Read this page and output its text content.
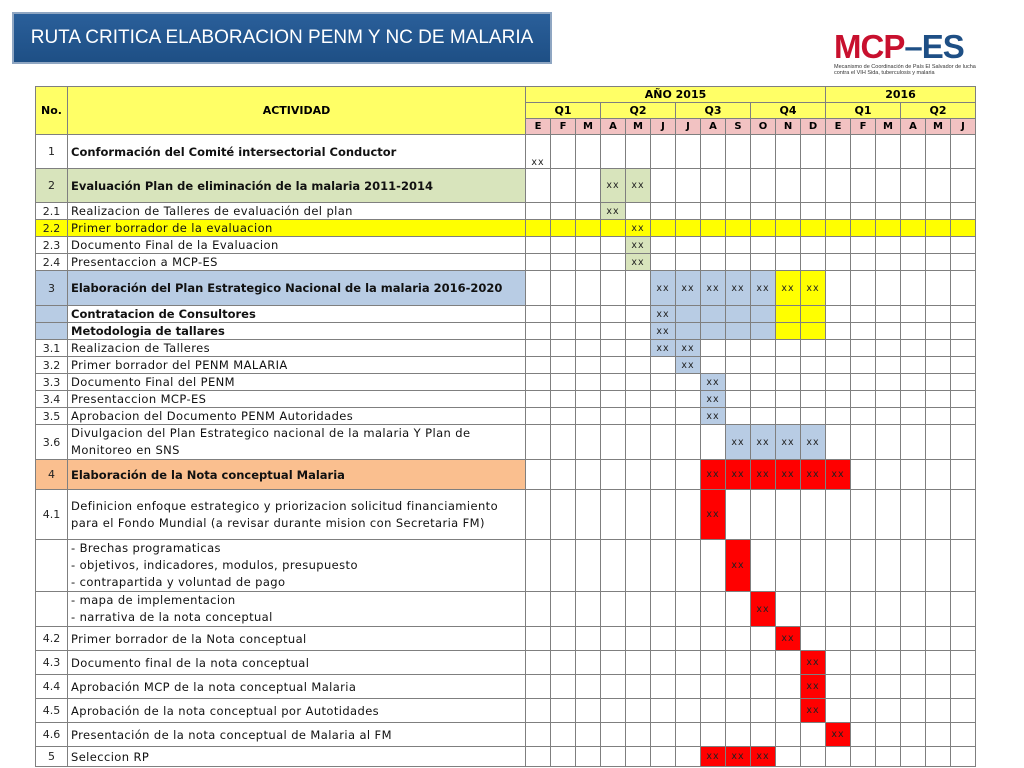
RUTA CRITICA ELABORACION PENM Y NC DE MALARIA	MCP–ES
Mecanismo de Coordinación de País El Salvador de lucha contra el VIH Sida, tuberculosis y malaria
No.	ACTIVIDAD	AÑO 2015												2016					
		Q1			Q2			Q3			Q4			Q1			Q2		
		E	F	M	A	M	J	J	A	S	O	N	D	E	F	M	A	M	J
1	Conformación del Comité intersectorial Conductor	xx																	
2	Evaluación Plan de eliminación de la malaria 2011-2014				xx	xx													
2.1	Realizacion de Talleres de evaluación del plan				xx														
2.2	Primer borrador de la evaluacion					xx													
2.3	Documento Final de la Evaluacion					xx													
2.4	Presentaccion a MCP-ES					xx													
3	Elaboración del Plan Estrategico Nacional de la malaria 2016-2020						xx	xx	xx	xx	xx	xx	xx						
	Contratacion de Consultores						xx												
	Metodologia de tallares						xx												
3.1	Realizacion de Talleres						xx	xx											
3.2	Primer borrador del PENM MALARIA							xx											
3.3	Documento Final del PENM								xx										
3.4	Presentaccion MCP-ES								xx										
3.5	Aprobacion del Documento PENM Autoridades								xx										
3.6	Divulgacion del Plan Estrategico nacional de la malaria Y Plan de Monitoreo en SNS									xx	xx	xx	xx						
4	Elaboración de la Nota conceptual Malaria								xx	xx	xx	xx	xx	xx					
4.1	Definicion enfoque estrategico y priorizacion solicitud financiamiento para el Fondo Mundial (a revisar durante mision con Secretaria FM)								xx										
	- Brechas programaticas
- objetivos, indicadores, modulos, presupuesto
- contrapartida y voluntad de pago									xx									
	- mapa de implementacion
- narrativa de la nota conceptual										xx								
4.2	Primer borrador de la Nota conceptual											xx							
4.3	Documento final de la nota conceptual												xx						
4.4	Aprobación MCP de la nota conceptual Malaria												xx						
4.5	Aprobación de la nota conceptual por Autotidades												xx						
4.6	Presentación de la nota conceptual de Malaria al FM													xx					
5	Seleccion RP								xx	xx	xx								
